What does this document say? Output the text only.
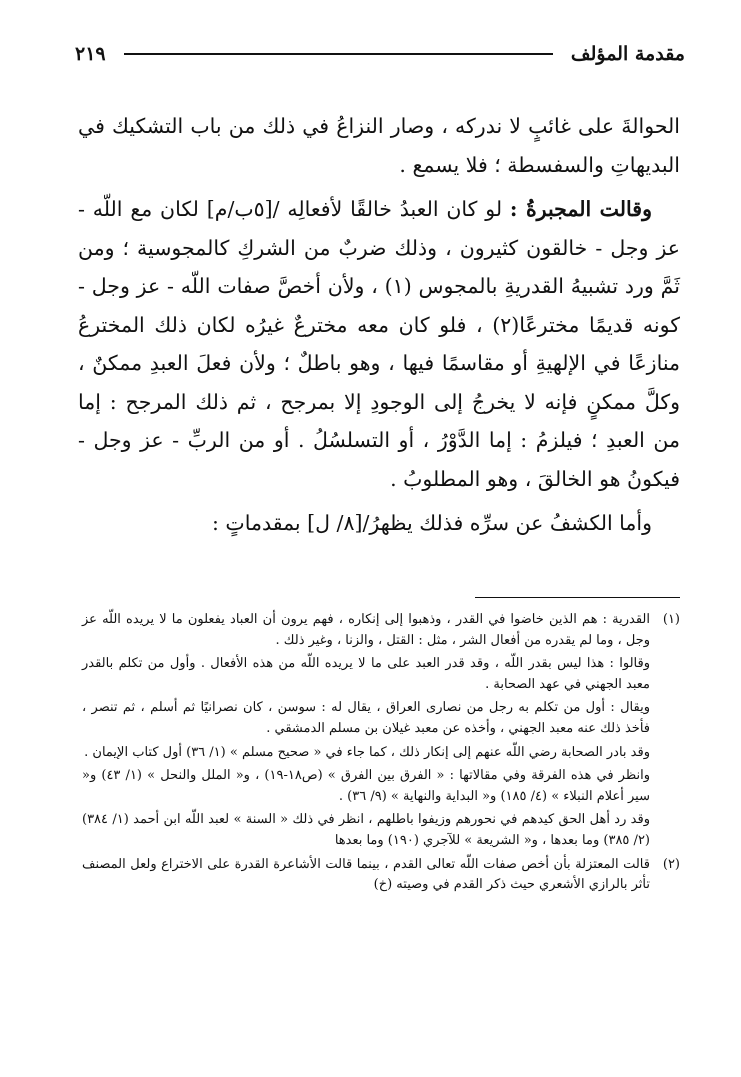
مقدمة المؤلف
٢١٩

الحوالةَ على غائبٍ لا ندركه ، وصار النزاعُ في ذلك من باب التشكيك في البديهاتِ والسفسطة ؛ فلا يسمع .

وقالت المجبرةُ : لو كان العبدُ خالقًا لأفعالِه /[٥ب/م] لكان مع اللّه - عز وجل - خالقون كثيرون ، وذلك ضربٌ من الشركِ كالمجوسية ؛ ومن ثَمَّ ورد تشبيهُ القدريةِ بالمجوس (١) ، ولأن أخصَّ صفات اللّه - عز وجل - كونه قديمًا مخترعًا(٢) ، فلو كان معه مخترعٌ غيرُه لكان ذلك المخترعُ منازعًا في الإلهيةِ أو مقاسمًا فيها ، وهو باطلٌ ؛ ولأن فعلَ العبدِ ممكنٌ ، وكلَّ ممكنٍ فإنه لا يخرجُ إلى الوجودِ إلا بمرجح ، ثم ذلك المرجح : إما من العبدِ ؛ فيلزمُ : إما الدَّوْرُ ، أو التسلسُلُ . أو من الربِّ - عز وجل - فيكونُ هو الخالقَ ، وهو المطلوبُ .

وأما الكشفُ عن سرِّه فذلك يظهرُ/[٨/ ل] بمقدماتٍ :

(١)
القدرية : هم الذين خاضوا في القدر ، وذهبوا إلى إنكاره ، فهم يرون أن العباد يفعلون ما لا يريده اللّه عز وجل ، وما لم يقدره من أفعال الشر ، مثل : القتل ، والزنا ، وغير ذلك .

وقالوا : هذا ليس بقدر اللّه ، وقد قدر العبد على ما لا يريده اللّه من هذه الأفعال . وأول من تكلم بالقدر معبد الجهني في عهد الصحابة .

ويقال : أول من تكلم به رجل من نصارى العراق ، يقال له : سوسن ، كان نصرانيًا ثم أسلم ، ثم تنصر ، فأخذ ذلك عنه معبد الجهني ، وأخذه عن معبد غيلان بن مسلم الدمشقي .

وقد بادر الصحابة رضي اللّه عنهم إلى إنكار ذلك ، كما جاء في « صحيح مسلم » (١/ ٣٦) أول كتاب الإيمان .

وانظر في هذه الفرقة وفي مقالاتها : « الفرق بين الفرق » (ص١٨-١٩) ، و« الملل والنحل » (١/ ٤٣) و« سير أعلام النبلاء » (٤/ ١٨٥) و« البداية والنهاية » (٩/ ٣٦) .

وقد رد أهل الحق كيدهم في نحورهم وزيفوا باطلهم ، انظر في ذلك « السنة » لعبد اللّه ابن أحمد (١/ ٣٨٤) (٢/ ٣٨٥) وما بعدها ، و« الشريعة » للآجري (١٩٠) وما بعدها

(٢)
قالت المعتزلة بأن أخص صفات اللّه تعالى القدم ، بينما قالت الأشاعرة القدرة على الاختراع ولعل المصنف تأثر بالرازي الأشعري حيث ذكر القدم في وصيته (خ)
